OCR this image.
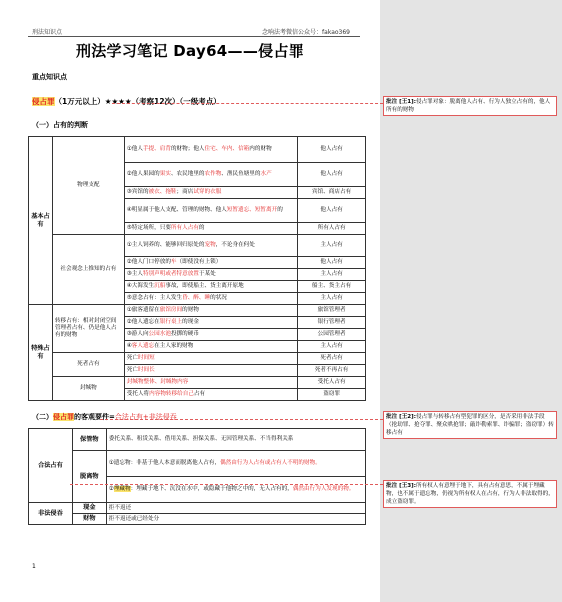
刑法知识点	念响法考微信公众号：fakao369
刑法学习笔记 Day64——侵占罪
重点知识点
侵占罪（1万元以上）★★★★（考察12次）（一级考点）
（一）占有的判断
基本占有	物理支配	①他人手提、肩背的财物；他人住宅、车内、信箱内的财物	他人占有
		②他人果园的果实、农民地里的农作物、渔民鱼塘里的水产	他人占有
		③宾馆的被衣、拖鞋；商店试穿的衣服	宾馆、商店占有
		④明显属于他人支配、管理的财物、他人短暂遗忘、短暂离开的	他人占有
		⑤特定场所，只要所有人占有的	所有人占有
	社会观念上推知的占有	①主人饲养的、能够回归原处的宠物，不论身在何处	主人占有
		②他人门口停放的车（即使没有上锁）	他人占有
		③主人特别声明或者特意放置于某处	主人占有
		④大海发生沉船事故，即使船主、货主离开原地	船主、货主占有
		⑤意念占有：主人发生昏、醉、睡的状况	主人占有
特殊占有	转移占有：相对封闭空间管理者占有、仍是他人占有的财物	①旅客遗留在旅馆房间的财物	旅馆管理者
		②他人遗忘在银行桌上的现金	银行管理者
		③游人向公园水池投掷的硬币	公园管理者
		④客人遗忘在主人家的财物	主人占有
	死者占有	死亡时间短	死者占有
		死亡时间长	死者不再占有
	封缄物	封缄物整体、封缄物内容	受托人占有
		受托人将内容物转移给自己占有	盗窃罪
（二）侵占罪的客观要件=合法占有+非法侵吞
合法占有	保管物	委托关系、租赁关系、借用关系、担保关系、无因管理关系、不当得利关系
	脱离物	①遗忘物：非基于他人本意而脱离他人占有，偶然由行为人占有或占有人不明的财物。
		②埋藏物：埋藏于地下、沉没在水中，或隐藏于他物之中的，无人占有的，偶然由行为人发现的物。
非法侵吞	现金	拒不返还
	财物	拒不返还或已经处分
批注 [王1]:侵占罪对象：脱离他人占有、行为人独立占有的，他人所有的财物
批注 [王2]:侵占罪与转移占有型犯罪的区分，是否采用非法手段（抢劫罪、抢夺罪、聚众哄抢罪；敲诈勒索罪、诈骗罪；盗窃罪）转移占有
批注 [王3]:所有权人有意埋于地下，具有占有意思，不属于埋藏物，也不属于遗忘物，仍视为所有权人在占有，行为人非法取得的，成立盗窃罪。
1
